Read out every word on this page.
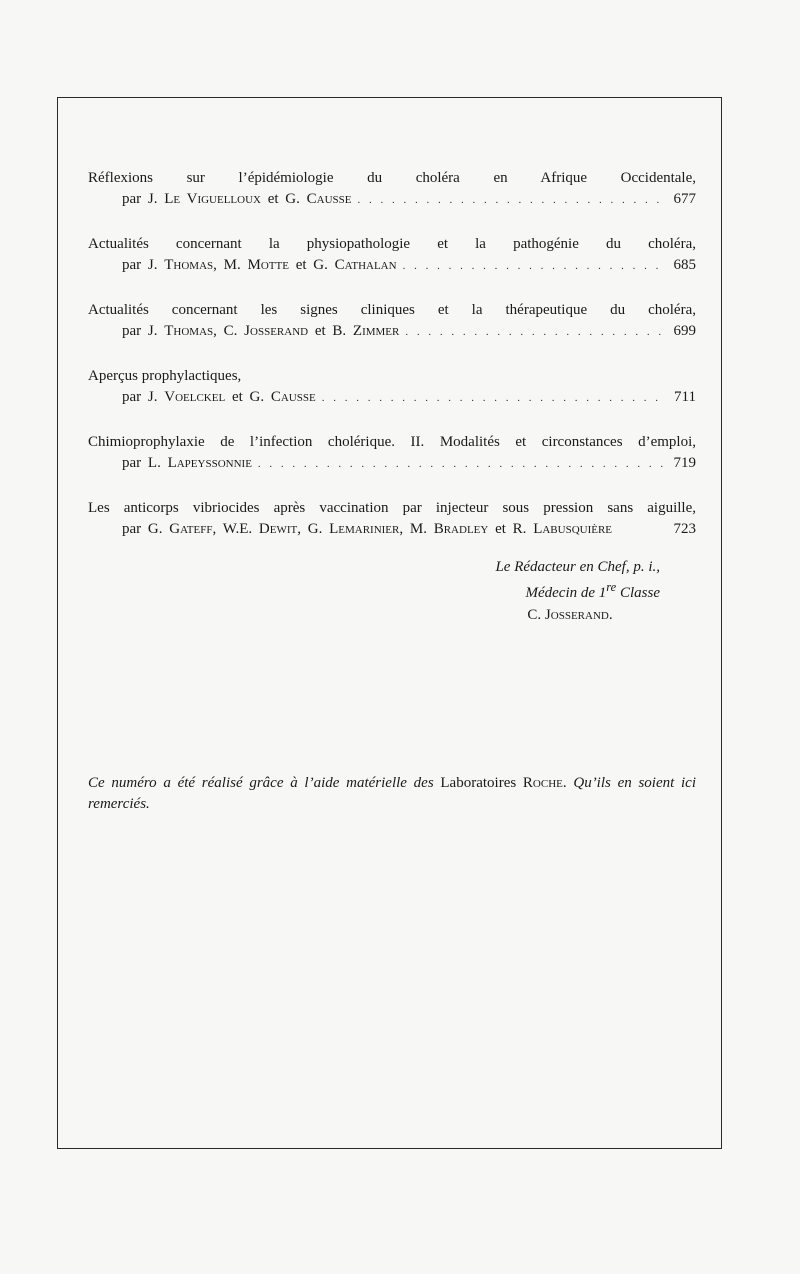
Réflexions sur l’épidémiologie du choléra en Afrique Occidentale,
par J. Le Viguelloux et G. Causse . . .	677
Actualités concernant la physiopathologie et la pathogénie du choléra,
par J. Thomas, M. Motte et G. Cathalan . . .	685
Actualités concernant les signes cliniques et la thérapeutique du choléra,
par J. Thomas, C. Josserand et B. Zimmer . . .	699
Aperçus prophylactiques,
par J. Voelckel et G. Causse . . .	711
Chimioprophylaxie de l’infection cholérique. II. Modalités et circonstances d’emploi,
par L. Lapeyssonnie . . .	719
Les anticorps vibriocides après vaccination par injecteur sous pression sans aiguille,
par G. Gateff, W.E. Dewit, G. Lemarinier, M. Bradley et R. Labusquière	723
Le Rédacteur en Chef, p. i.,
Médecin de 1re Classe
C. Josserand.
Ce numéro a été réalisé grâce à l’aide matérielle des Laboratoires Roche. Qu’ils en soient ici remerciés.
